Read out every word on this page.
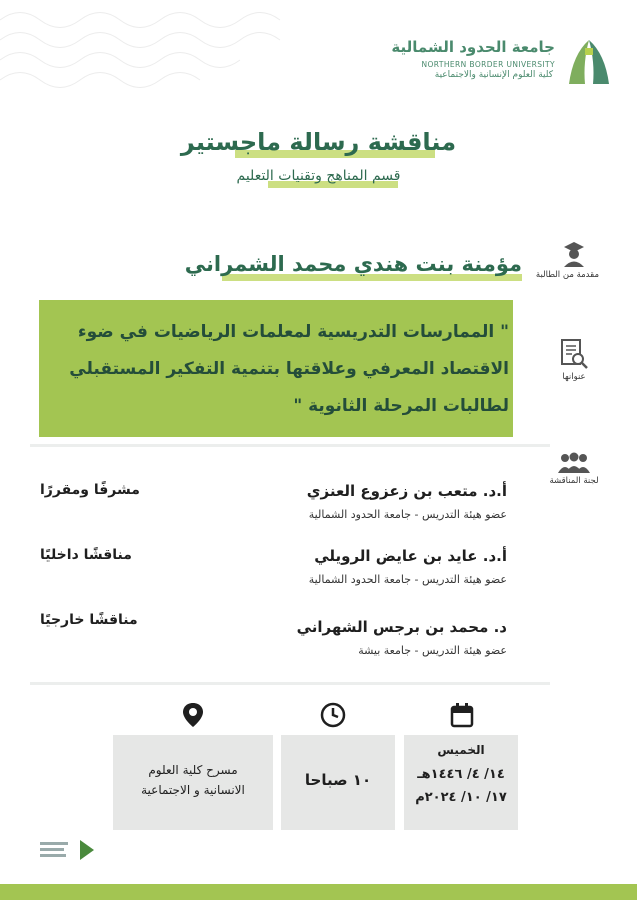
جامعة الحدود الشمالية
NORTHERN BORDER UNIVERSITY
كلية العلوم الإنسانية والاجتماعية
مناقشة رسالة ماجستير
قسم المناهج وتقنيات التعليم
مقدمة من الطالبة
مؤمنة بنت هندي محمد الشمراني
" الممارسات التدريسية لمعلمات الرياضيات في ضوء
الاقتصاد المعرفي وعلاقتها بتنمية التفكير المستقبلي
لطالبات المرحلة الثانوية "
عنوانها
لجنة المناقشة
أ.د. متعب بن زعزوع العنزي
عضو هيئة التدريس - جامعة الحدود الشمالية
مشرفًا ومقررًا
أ.د. عايد بن عايض الرويلي
عضو هيئة التدريس - جامعة الحدود الشمالية
مناقشًا داخليًا
د. محمد بن برجس الشهراني
عضو هيئة التدريس - جامعة بيشة
مناقشًا خارجيًا
مسرح كلية العلوم
الانسانية و الاجتماعية
١٠ صباحا
الخميس
١٤/ ٤/ ١٤٤٦هـ
١٧/ ١٠/ ٢٠٢٤م
